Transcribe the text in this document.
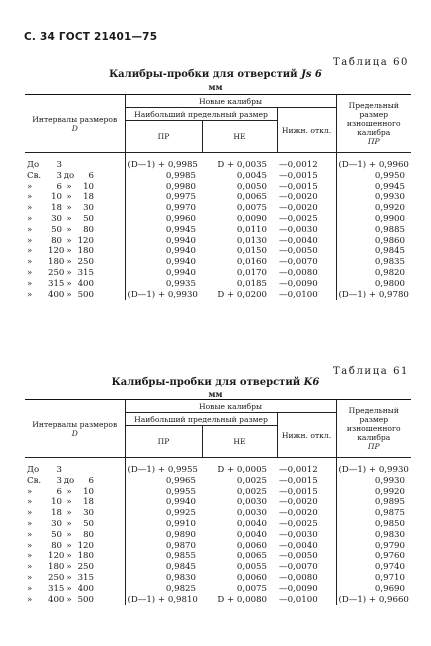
С. 34 ГОСТ 21401—75
Таблица 60
Калибры-пробки для отверстий Js 6
мм
Интервалы размеров
D	Новые калибры			Предельный размер изношенного калибра
ПР
	Наибольший предельный размер		Нижн. откл.	
	ПР	НЕ		

До 3	(D—1) + 0,9985	D + 0,0035	—0,0012	(D—1) + 0,9960

Св. 3 до 6	0,9985	0,0045	—0,0015	0,9950

» 6 » 10	0,9980	0,0050	—0,0015	0,9945

» 10 » 18	0,9975	0,0065	—0,0020	0,9930

» 18 » 30	0,9970	0,0075	—0,0020	0,9920

» 30 » 50	0,9960	0,0090	—0,0025	0,9900

» 50 » 80	0,9945	0,0110	—0,0030	0,9885

» 80 » 120	0,9940	0,0130	—0,0040	0,9860

» 120 » 180	0,9940	0,0150	—0,0050	0,9845

» 180 » 250	0,9940	0,0160	—0,0070	0,9835

» 250 » 315	0,9940	0,0170	—0,0080	0,9820

» 315 » 400	0,9935	0,0185	—0,0090	0,9800

» 400 » 500	(D—1) + 0,9930	D + 0,0200	—0,0100	(D—1) + 0,9780
Таблица 61
Калибры-пробки для отверстий K6
мм
Интервалы размеров
D	Новые калибры			Предельный размер изношенного калибра
ПР
	Наибольший предельный размер		Нижн. откл.	
	ПР	НЕ		

До 3	(D—1) + 0,9955	D + 0,0005	—0,0012	(D—1) + 0,9930

Св. 3 до 6	0,9965	0,0025	—0,0015	0,9930

» 6 » 10	0,9955	0,0025	—0,0015	0,9920

» 10 » 18	0,9940	0,0030	—0,0020	0,9895

» 18 » 30	0,9925	0,0030	—0,0020	0,9875

» 30 » 50	0,9910	0,0040	—0,0025	0,9850

» 50 » 80	0,9890	0,0040	—0,0030	0,9830

» 80 » 120	0,9870	0,0060	—0,0040	0,9790

» 120 » 180	0,9855	0,0065	—0,0050	0,9760

» 180 » 250	0,9845	0,0055	—0,0070	0,9740

» 250 » 315	0,9830	0,0060	—0,0080	0,9710

» 315 » 400	0,9825	0,0075	—0,0090	0,9690

» 400 » 500	(D—1) + 0,9810	D + 0,0080	—0,0100	(D—1) + 0,9660
